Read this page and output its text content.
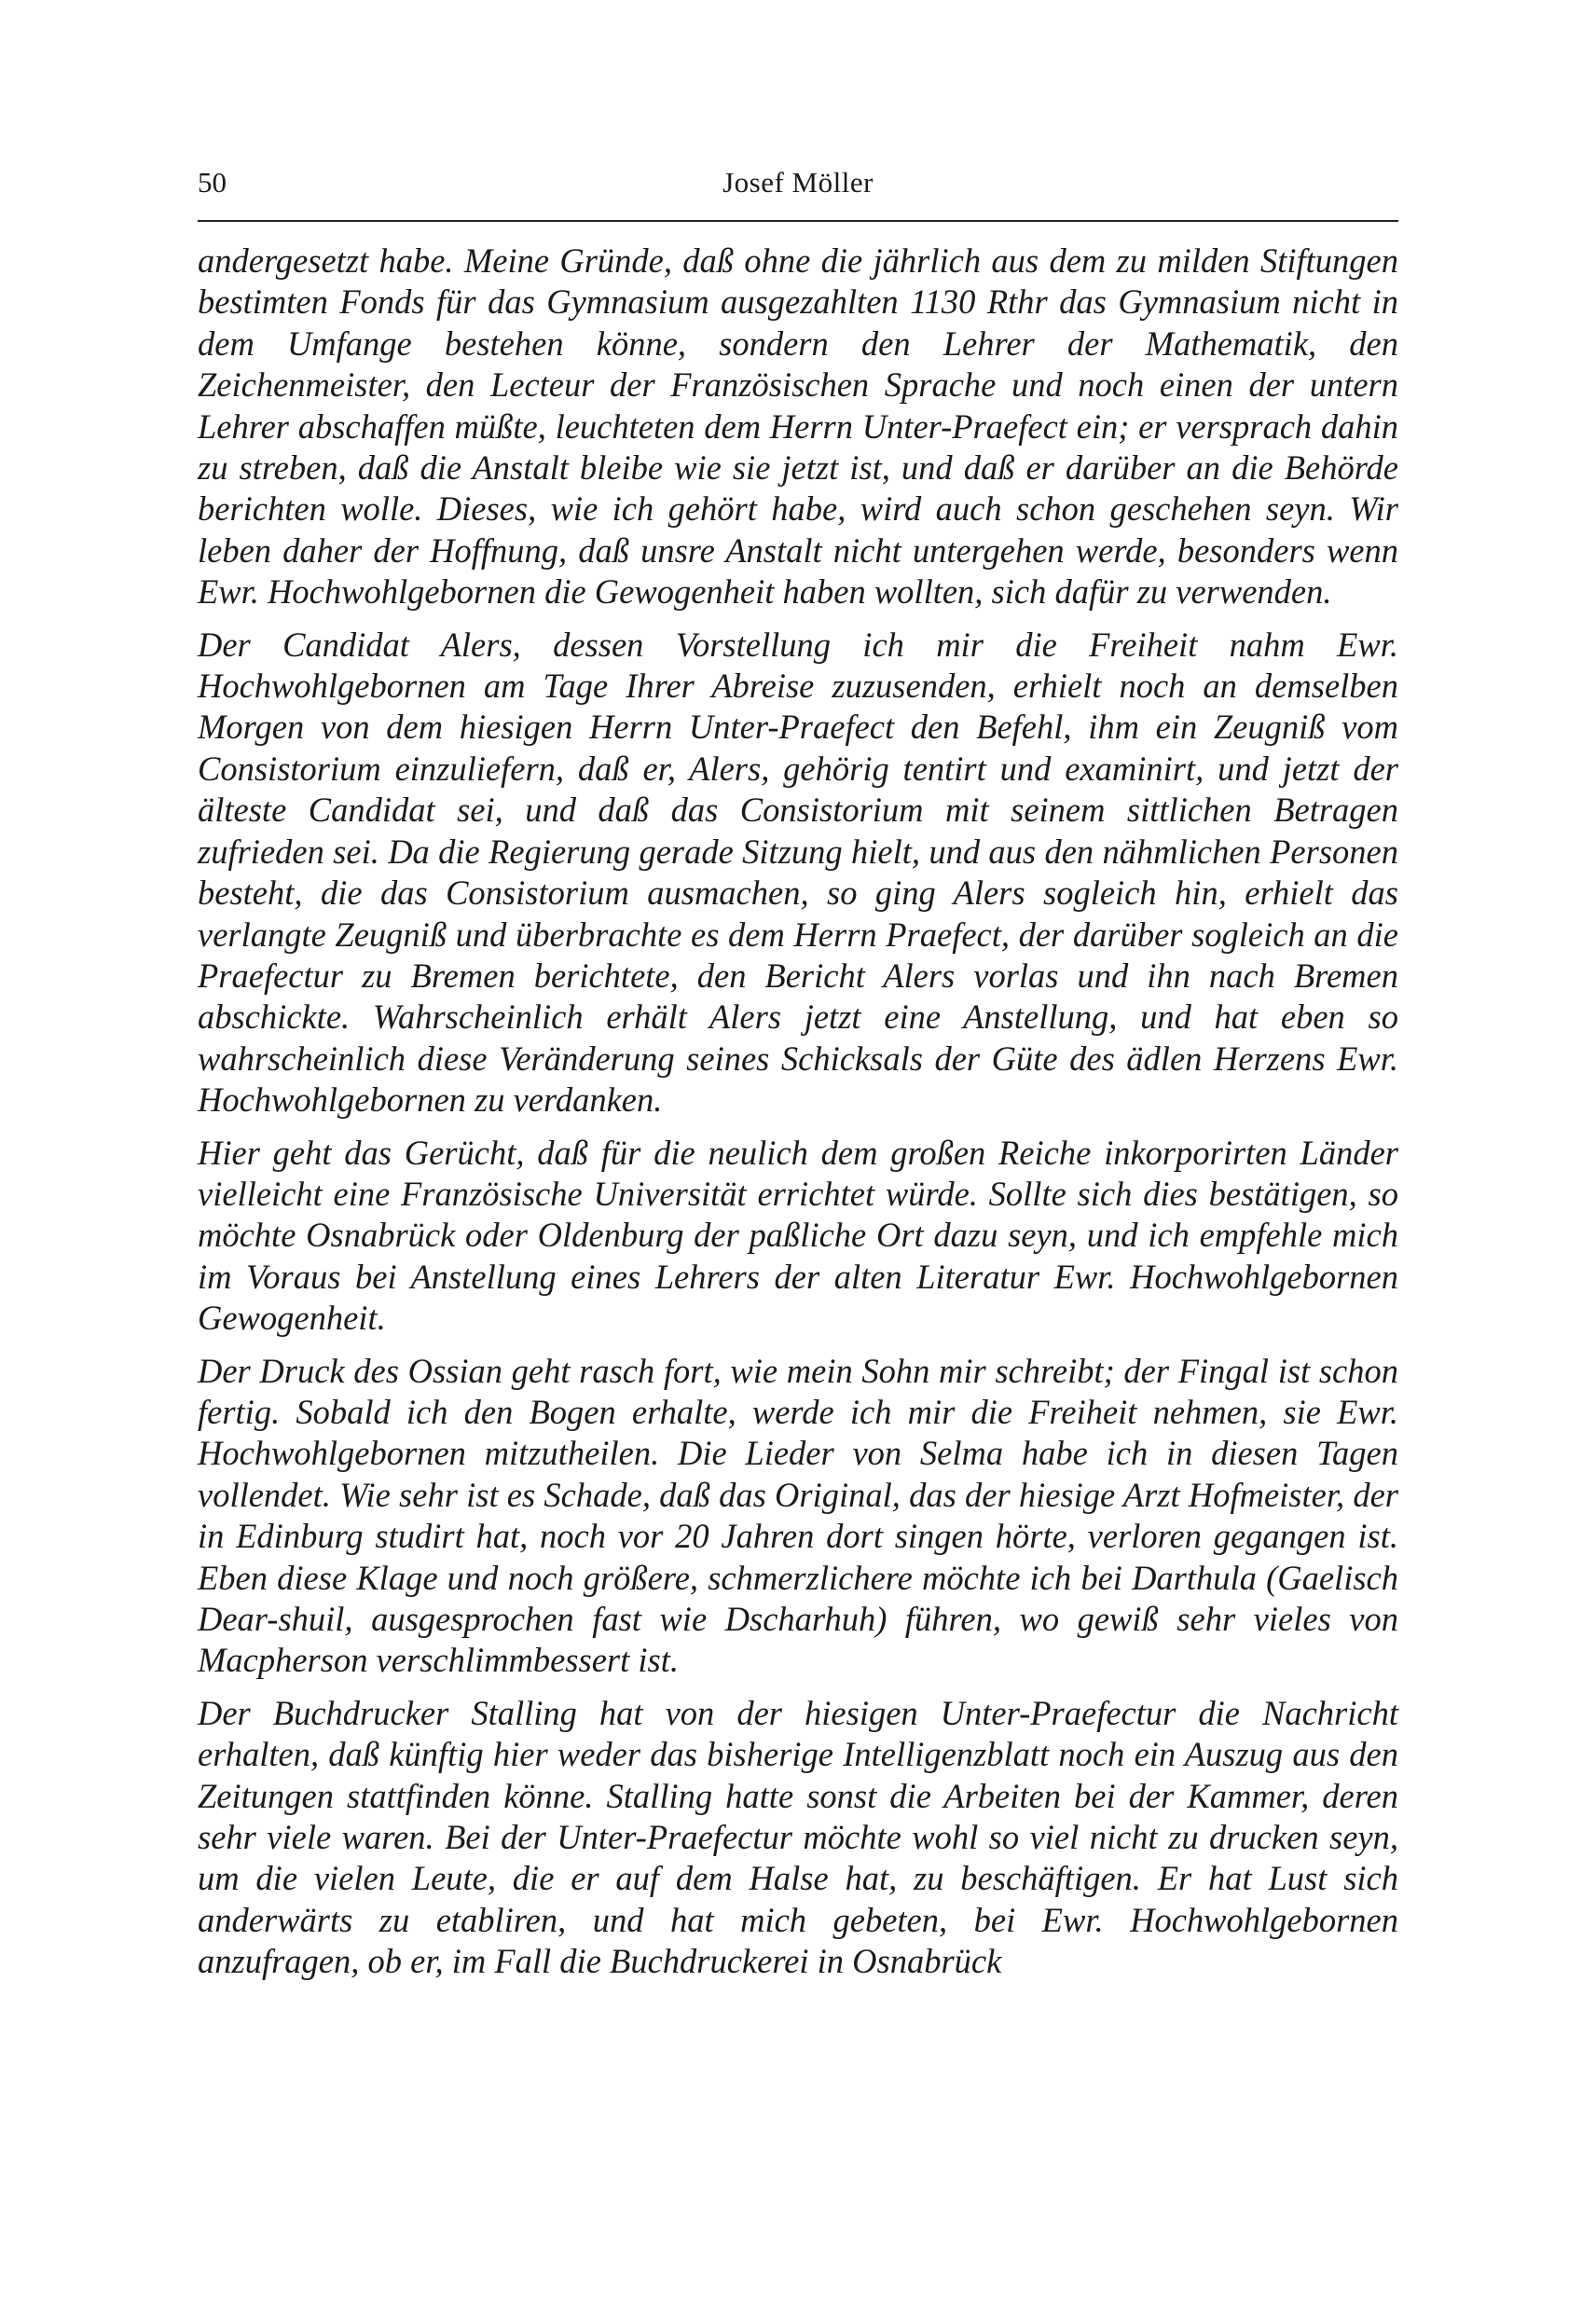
50	Josef Möller

andergesetzt habe. Meine Gründe, daß ohne die jährlich aus dem zu milden Stiftungen bestimten Fonds für das Gymnasium ausgezahlten 1130 Rthr das Gymnasium nicht in dem Umfange bestehen könne, sondern den Lehrer der Mathematik, den Zeichenmeister, den Lecteur der Französischen Sprache und noch einen der untern Lehrer abschaffen müßte, leuchteten dem Herrn Unter-Praefect ein; er versprach dahin zu streben, daß die Anstalt bleibe wie sie jetzt ist, und daß er darüber an die Behörde berichten wolle. Dieses, wie ich gehört habe, wird auch schon geschehen seyn. Wir leben daher der Hoffnung, daß unsre Anstalt nicht untergehen werde, besonders wenn Ewr. Hochwohlgebornen die Gewogenheit haben wollten, sich dafür zu verwenden.

Der Candidat Alers, dessen Vorstellung ich mir die Freiheit nahm Ewr. Hochwohlgebornen am Tage Ihrer Abreise zuzusenden, erhielt noch an demselben Morgen von dem hiesigen Herrn Unter-Praefect den Befehl, ihm ein Zeugniß vom Consistorium einzuliefern, daß er, Alers, gehörig tentirt und examinirt, und jetzt der älteste Candidat sei, und daß das Consistorium mit seinem sittlichen Betragen zufrieden sei. Da die Regierung gerade Sitzung hielt, und aus den nähmlichen Personen besteht, die das Consistorium ausmachen, so ging Alers sogleich hin, erhielt das verlangte Zeugniß und überbrachte es dem Herrn Praefect, der darüber sogleich an die Praefectur zu Bremen berichtete, den Bericht Alers vorlas und ihn nach Bremen abschickte. Wahrscheinlich erhält Alers jetzt eine Anstellung, und hat eben so wahrscheinlich diese Veränderung seines Schicksals der Güte des ädlen Herzens Ewr. Hochwohlgebornen zu verdanken.

Hier geht das Gerücht, daß für die neulich dem großen Reiche inkorporirten Länder vielleicht eine Französische Universität errichtet würde. Sollte sich dies bestätigen, so möchte Osnabrück oder Oldenburg der paßliche Ort dazu seyn, und ich empfehle mich im Voraus bei Anstellung eines Lehrers der alten Literatur Ewr. Hochwohlgebornen Gewogenheit.

Der Druck des Ossian geht rasch fort, wie mein Sohn mir schreibt; der Fingal ist schon fertig. Sobald ich den Bogen erhalte, werde ich mir die Freiheit nehmen, sie Ewr. Hochwohlgebornen mitzutheilen. Die Lieder von Selma habe ich in diesen Tagen vollendet. Wie sehr ist es Schade, daß das Original, das der hiesige Arzt Hofmeister, der in Edinburg studirt hat, noch vor 20 Jahren dort singen hörte, verloren gegangen ist. Eben diese Klage und noch größere, schmerzlichere möchte ich bei Darthula (Gaelisch Dear-shuil, ausgesprochen fast wie Dscharhuh) führen, wo gewiß sehr vieles von Macpherson verschlimmbessert ist.

Der Buchdrucker Stalling hat von der hiesigen Unter-Praefectur die Nachricht erhalten, daß künftig hier weder das bisherige Intelligenzblatt noch ein Auszug aus den Zeitungen stattfinden könne. Stalling hatte sonst die Arbeiten bei der Kammer, deren sehr viele waren. Bei der Unter-Praefectur möchte wohl so viel nicht zu drucken seyn, um die vielen Leute, die er auf dem Halse hat, zu beschäftigen. Er hat Lust sich anderwärts zu etabliren, und hat mich gebeten, bei Ewr. Hochwohlgebornen anzufragen, ob er, im Fall die Buchdruckerei in Osnabrück
